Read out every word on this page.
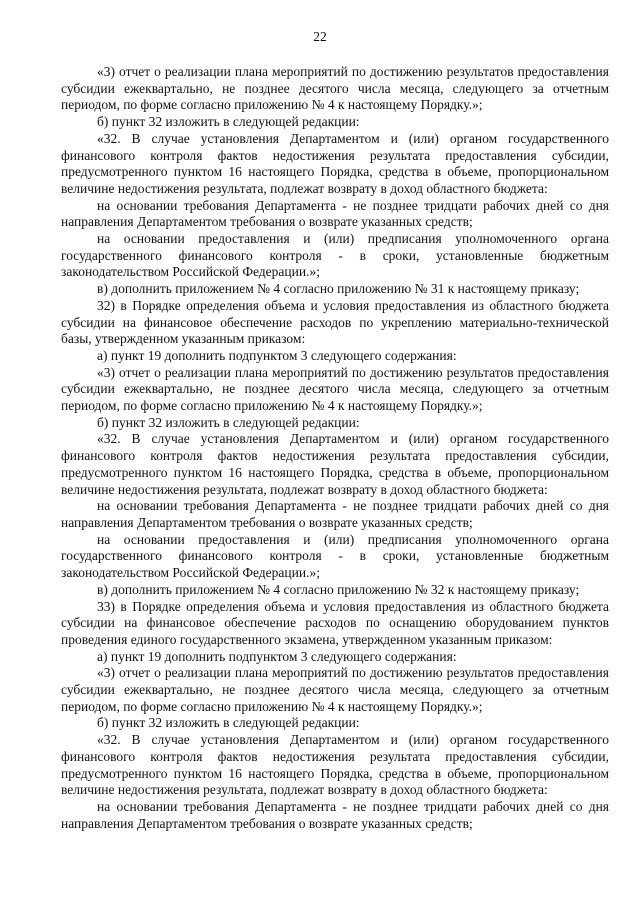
22

«3) отчет о реализации плана мероприятий по достижению результатов предоставления субсидии ежеквартально, не позднее десятого числа месяца, следующего за отчетным периодом, по форме согласно приложению № 4 к настоящему Порядку.»;

б) пункт 32 изложить в следующей редакции:

«32. В случае установления Департаментом и (или) органом государственного финансового контроля фактов недостижения результата предоставления субсидии, предусмотренного пунктом 16 настоящего Порядка, средства в объеме, пропорциональном величине недостижения результата, подлежат возврату в доход областного бюджета:

на основании требования Департамента - не позднее тридцати рабочих дней со дня направления Департаментом требования о возврате указанных средств;

на основании предоставления и (или) предписания уполномоченного органа государственного финансового контроля - в сроки, установленные бюджетным законодательством Российской Федерации.»;

в) дополнить приложением № 4 согласно приложению № 31 к настоящему приказу;

32) в Порядке определения объема и условия предоставления из областного бюджета субсидии на финансовое обеспечение расходов по укреплению материально-технической базы, утвержденном указанным приказом:

а) пункт 19 дополнить подпунктом 3 следующего содержания:

«3) отчет о реализации плана мероприятий по достижению результатов предоставления субсидии ежеквартально, не позднее десятого числа месяца, следующего за отчетным периодом, по форме согласно приложению № 4 к настоящему Порядку.»;

б) пункт 32 изложить в следующей редакции:

«32. В случае установления Департаментом и (или) органом государственного финансового контроля фактов недостижения результата предоставления субсидии, предусмотренного пунктом 16 настоящего Порядка, средства в объеме, пропорциональном величине недостижения результата, подлежат возврату в доход областного бюджета:

на основании требования Департамента - не позднее тридцати рабочих дней со дня направления Департаментом требования о возврате указанных средств;

на основании предоставления и (или) предписания уполномоченного органа государственного финансового контроля - в сроки, установленные бюджетным законодательством Российской Федерации.»;

в) дополнить приложением № 4 согласно приложению № 32 к настоящему приказу;

33) в Порядке определения объема и условия предоставления из областного бюджета субсидии на финансовое обеспечение расходов по оснащению оборудованием пунктов проведения единого государственного экзамена, утвержденном указанным приказом:

а) пункт 19 дополнить подпунктом 3 следующего содержания:

«3) отчет о реализации плана мероприятий по достижению результатов предоставления субсидии ежеквартально, не позднее десятого числа месяца, следующего за отчетным периодом, по форме согласно приложению № 4 к настоящему Порядку.»;

б) пункт 32 изложить в следующей редакции:

«32. В случае установления Департаментом и (или) органом государственного финансового контроля фактов недостижения результата предоставления субсидии, предусмотренного пунктом 16 настоящего Порядка, средства в объеме, пропорциональном величине недостижения результата, подлежат возврату в доход областного бюджета:

на основании требования Департамента - не позднее тридцати рабочих дней со дня направления Департаментом требования о возврате указанных средств;
